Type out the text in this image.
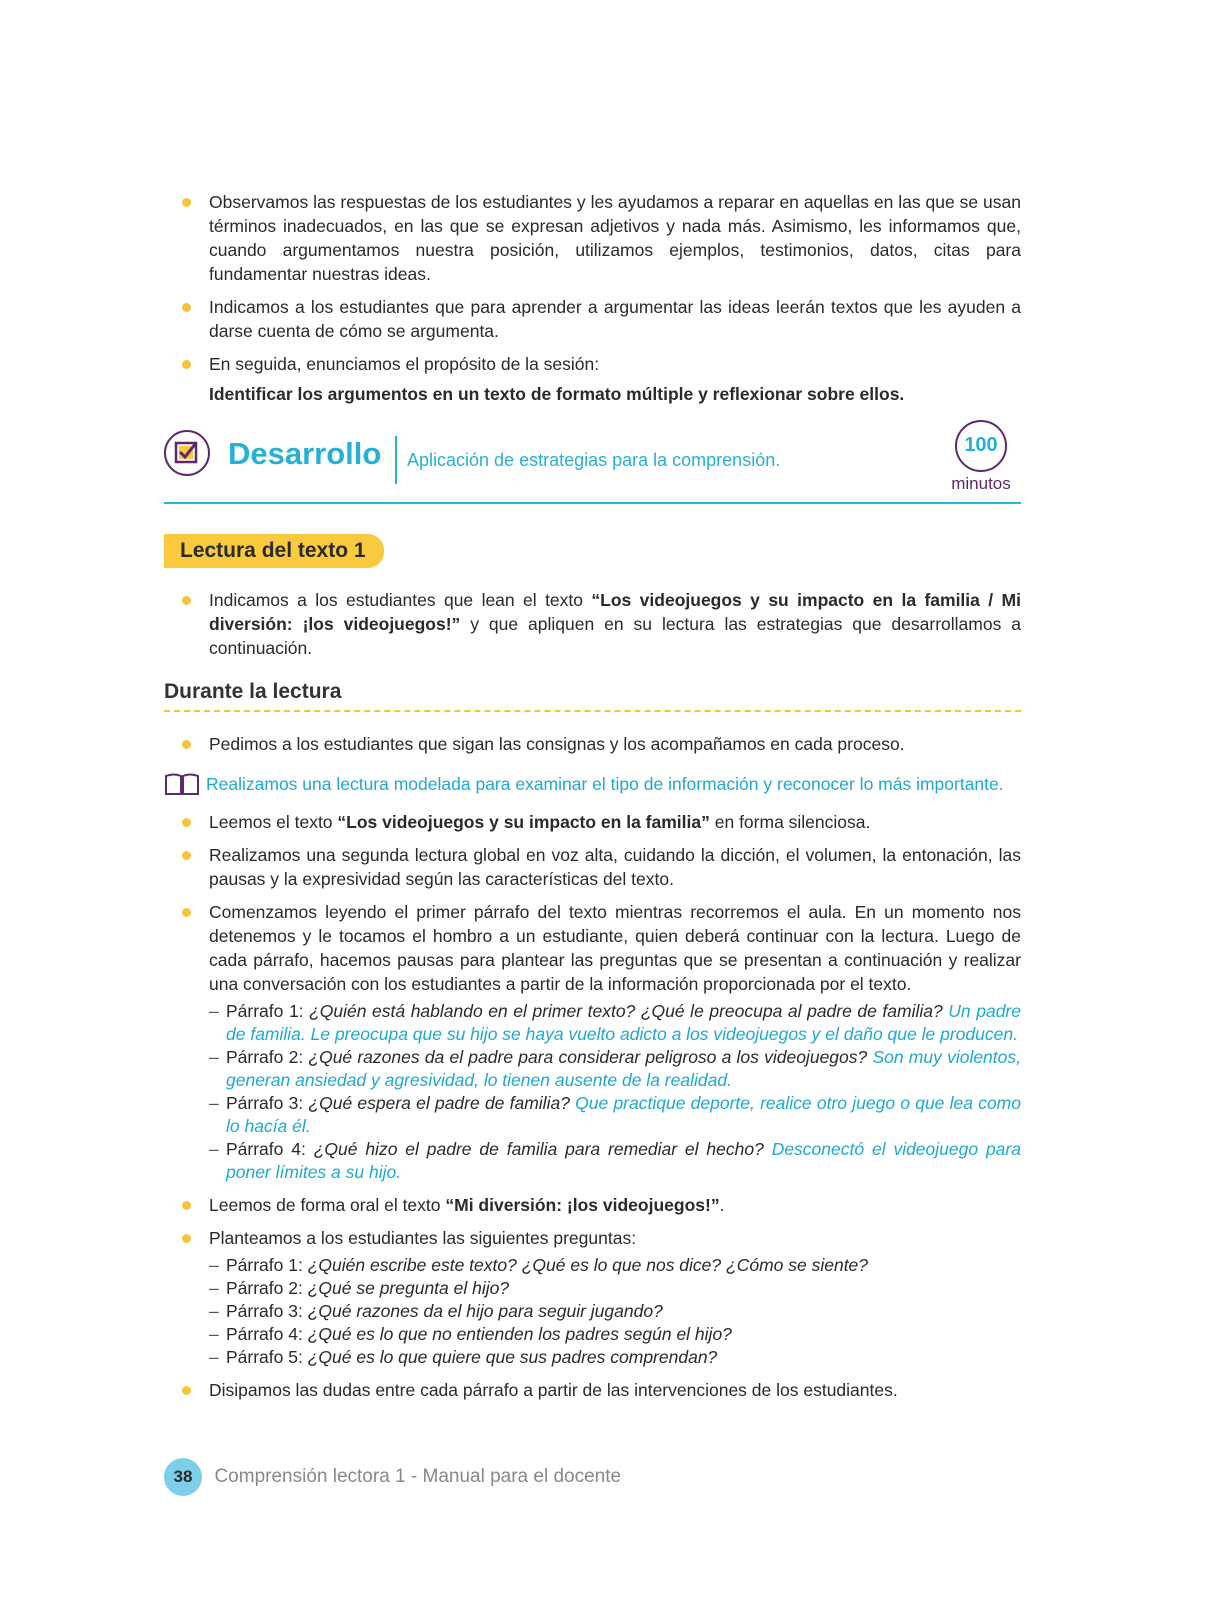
Observamos las respuestas de los estudiantes y les ayudamos a reparar en aquellas en las que se usan términos inadecuados, en las que se expresan adjetivos y nada más. Asimismo, les informamos que, cuando argumentamos nuestra posición, utilizamos ejemplos, testimonios, datos, citas para fundamentar nuestras ideas.
Indicamos a los estudiantes que para aprender a argumentar las ideas leerán textos que les ayuden a darse cuenta de cómo se argumenta.
En seguida, enunciamos el propósito de la sesión:
Identificar los argumentos en un texto de formato múltiple y reflexionar sobre ellos.
Desarrollo Aplicación de estrategias para la comprensión.
100
minutos
Lectura del texto 1
Indicamos a los estudiantes que lean el texto “Los videojuegos y su impacto en la familia / Mi diversión: ¡los videojuegos!” y que apliquen en su lectura las estrategias que desarrollamos a continuación.
Durante la lectura
Pedimos a los estudiantes que sigan las consignas y los acompañamos en cada proceso.
Realizamos una lectura modelada para examinar el tipo de información y reconocer lo más importante.
Leemos el texto “Los videojuegos y su impacto en la familia” en forma silenciosa.
Realizamos una segunda lectura global en voz alta, cuidando la dicción, el volumen, la entonación, las pausas y la expresividad según las características del texto.
Comenzamos leyendo el primer párrafo del texto mientras recorremos el aula. En un momento nos detenemos y le tocamos el hombro a un estudiante, quien deberá continuar con la lectura. Luego de cada párrafo, hacemos pausas para plantear las preguntas que se presentan a continuación y realizar una conversación con los estudiantes a partir de la información proporcionada por el texto.
– Párrafo 1: ¿Quién está hablando en el primer texto? ¿Qué le preocupa al padre de familia? Un padre de familia. Le preocupa que su hijo se haya vuelto adicto a los videojuegos y el daño que le producen.
– Párrafo 2: ¿Qué razones da el padre para considerar peligroso a los videojuegos? Son muy violentos, generan ansiedad y agresividad, lo tienen ausente de la realidad.
– Párrafo 3: ¿Qué espera el padre de familia? Que practique deporte, realice otro juego o que lea como lo hacía él.
– Párrafo 4: ¿Qué hizo el padre de familia para remediar el hecho? Desconectó el videojuego para poner límites a su hijo.
Leemos de forma oral el texto “Mi diversión: ¡los videojuegos!”.
Planteamos a los estudiantes las siguientes preguntas:
– Párrafo 1: ¿Quién escribe este texto? ¿Qué es lo que nos dice? ¿Cómo se siente?
– Párrafo 2: ¿Qué se pregunta el hijo?
– Párrafo 3: ¿Qué razones da el hijo para seguir jugando?
– Párrafo 4: ¿Qué es lo que no entienden los padres según el hijo?
– Párrafo 5: ¿Qué es lo que quiere que sus padres comprendan?
Disipamos las dudas entre cada párrafo a partir de las intervenciones de los estudiantes.
38 Comprensión lectora 1 - Manual para el docente
